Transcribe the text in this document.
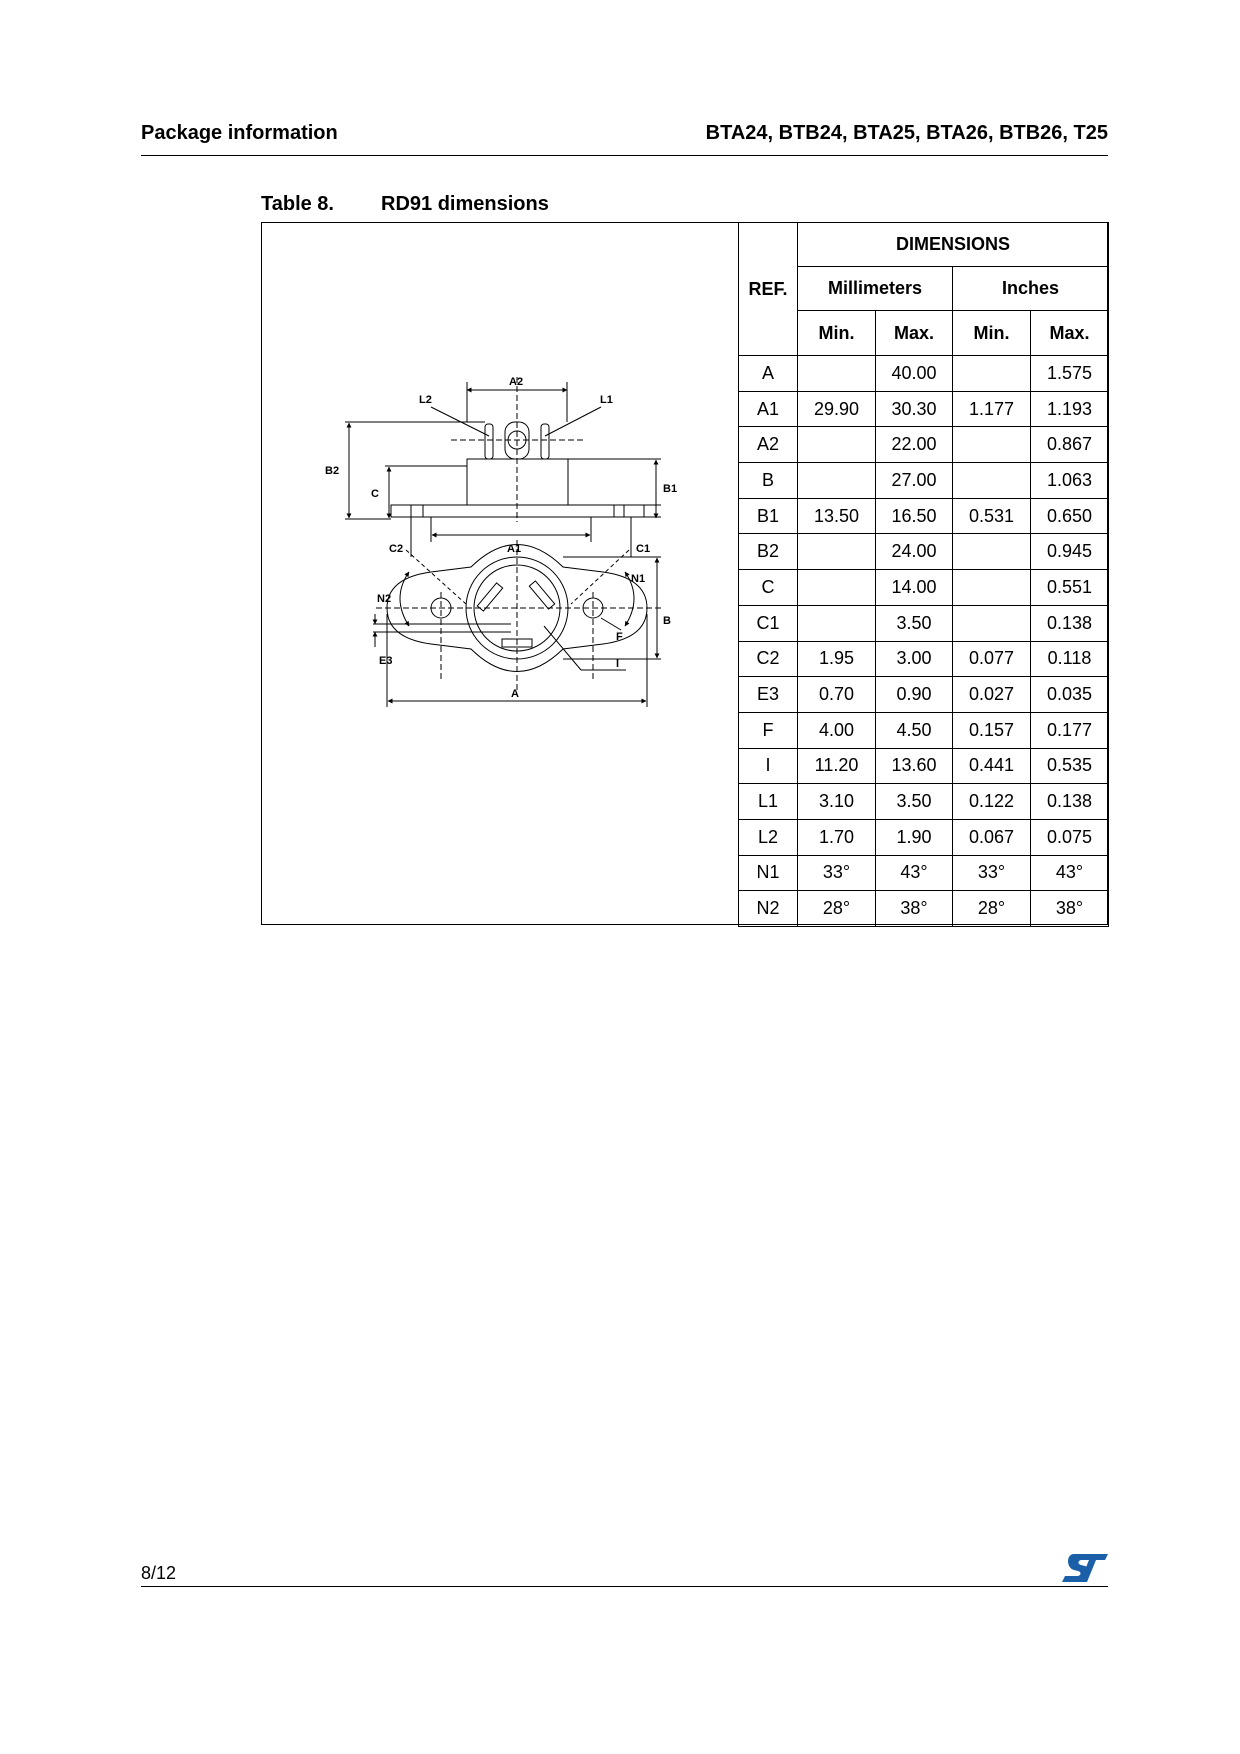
Package information	BTA24, BTB24, BTA25, BTA26, BTB26, T25
Table 8. RD91 dimensions
A2
L2	L1
B2
C	B1
C2	A1	C1
N2
N1
F
B
E3	I
A
REF.	DIMENSIONS			
	Millimeters		Inches	
	Min.	Max.	Min.	Max.
A		40.00		1.575
A1	29.90	30.30	1.177	1.193
A2		22.00		0.867
B		27.00		1.063
B1	13.50	16.50	0.531	0.650
B2		24.00		0.945
C		14.00		0.551
C1		3.50		0.138
C2	1.95	3.00	0.077	0.118
E3	0.70	0.90	0.027	0.035
F	4.00	4.50	0.157	0.177
I	11.20	13.60	0.441	0.535
L1	3.10	3.50	0.122	0.138
L2	1.70	1.90	0.067	0.075
N1	33°	43°	33°	43°
N2	28°	38°	28°	38°
8/12
